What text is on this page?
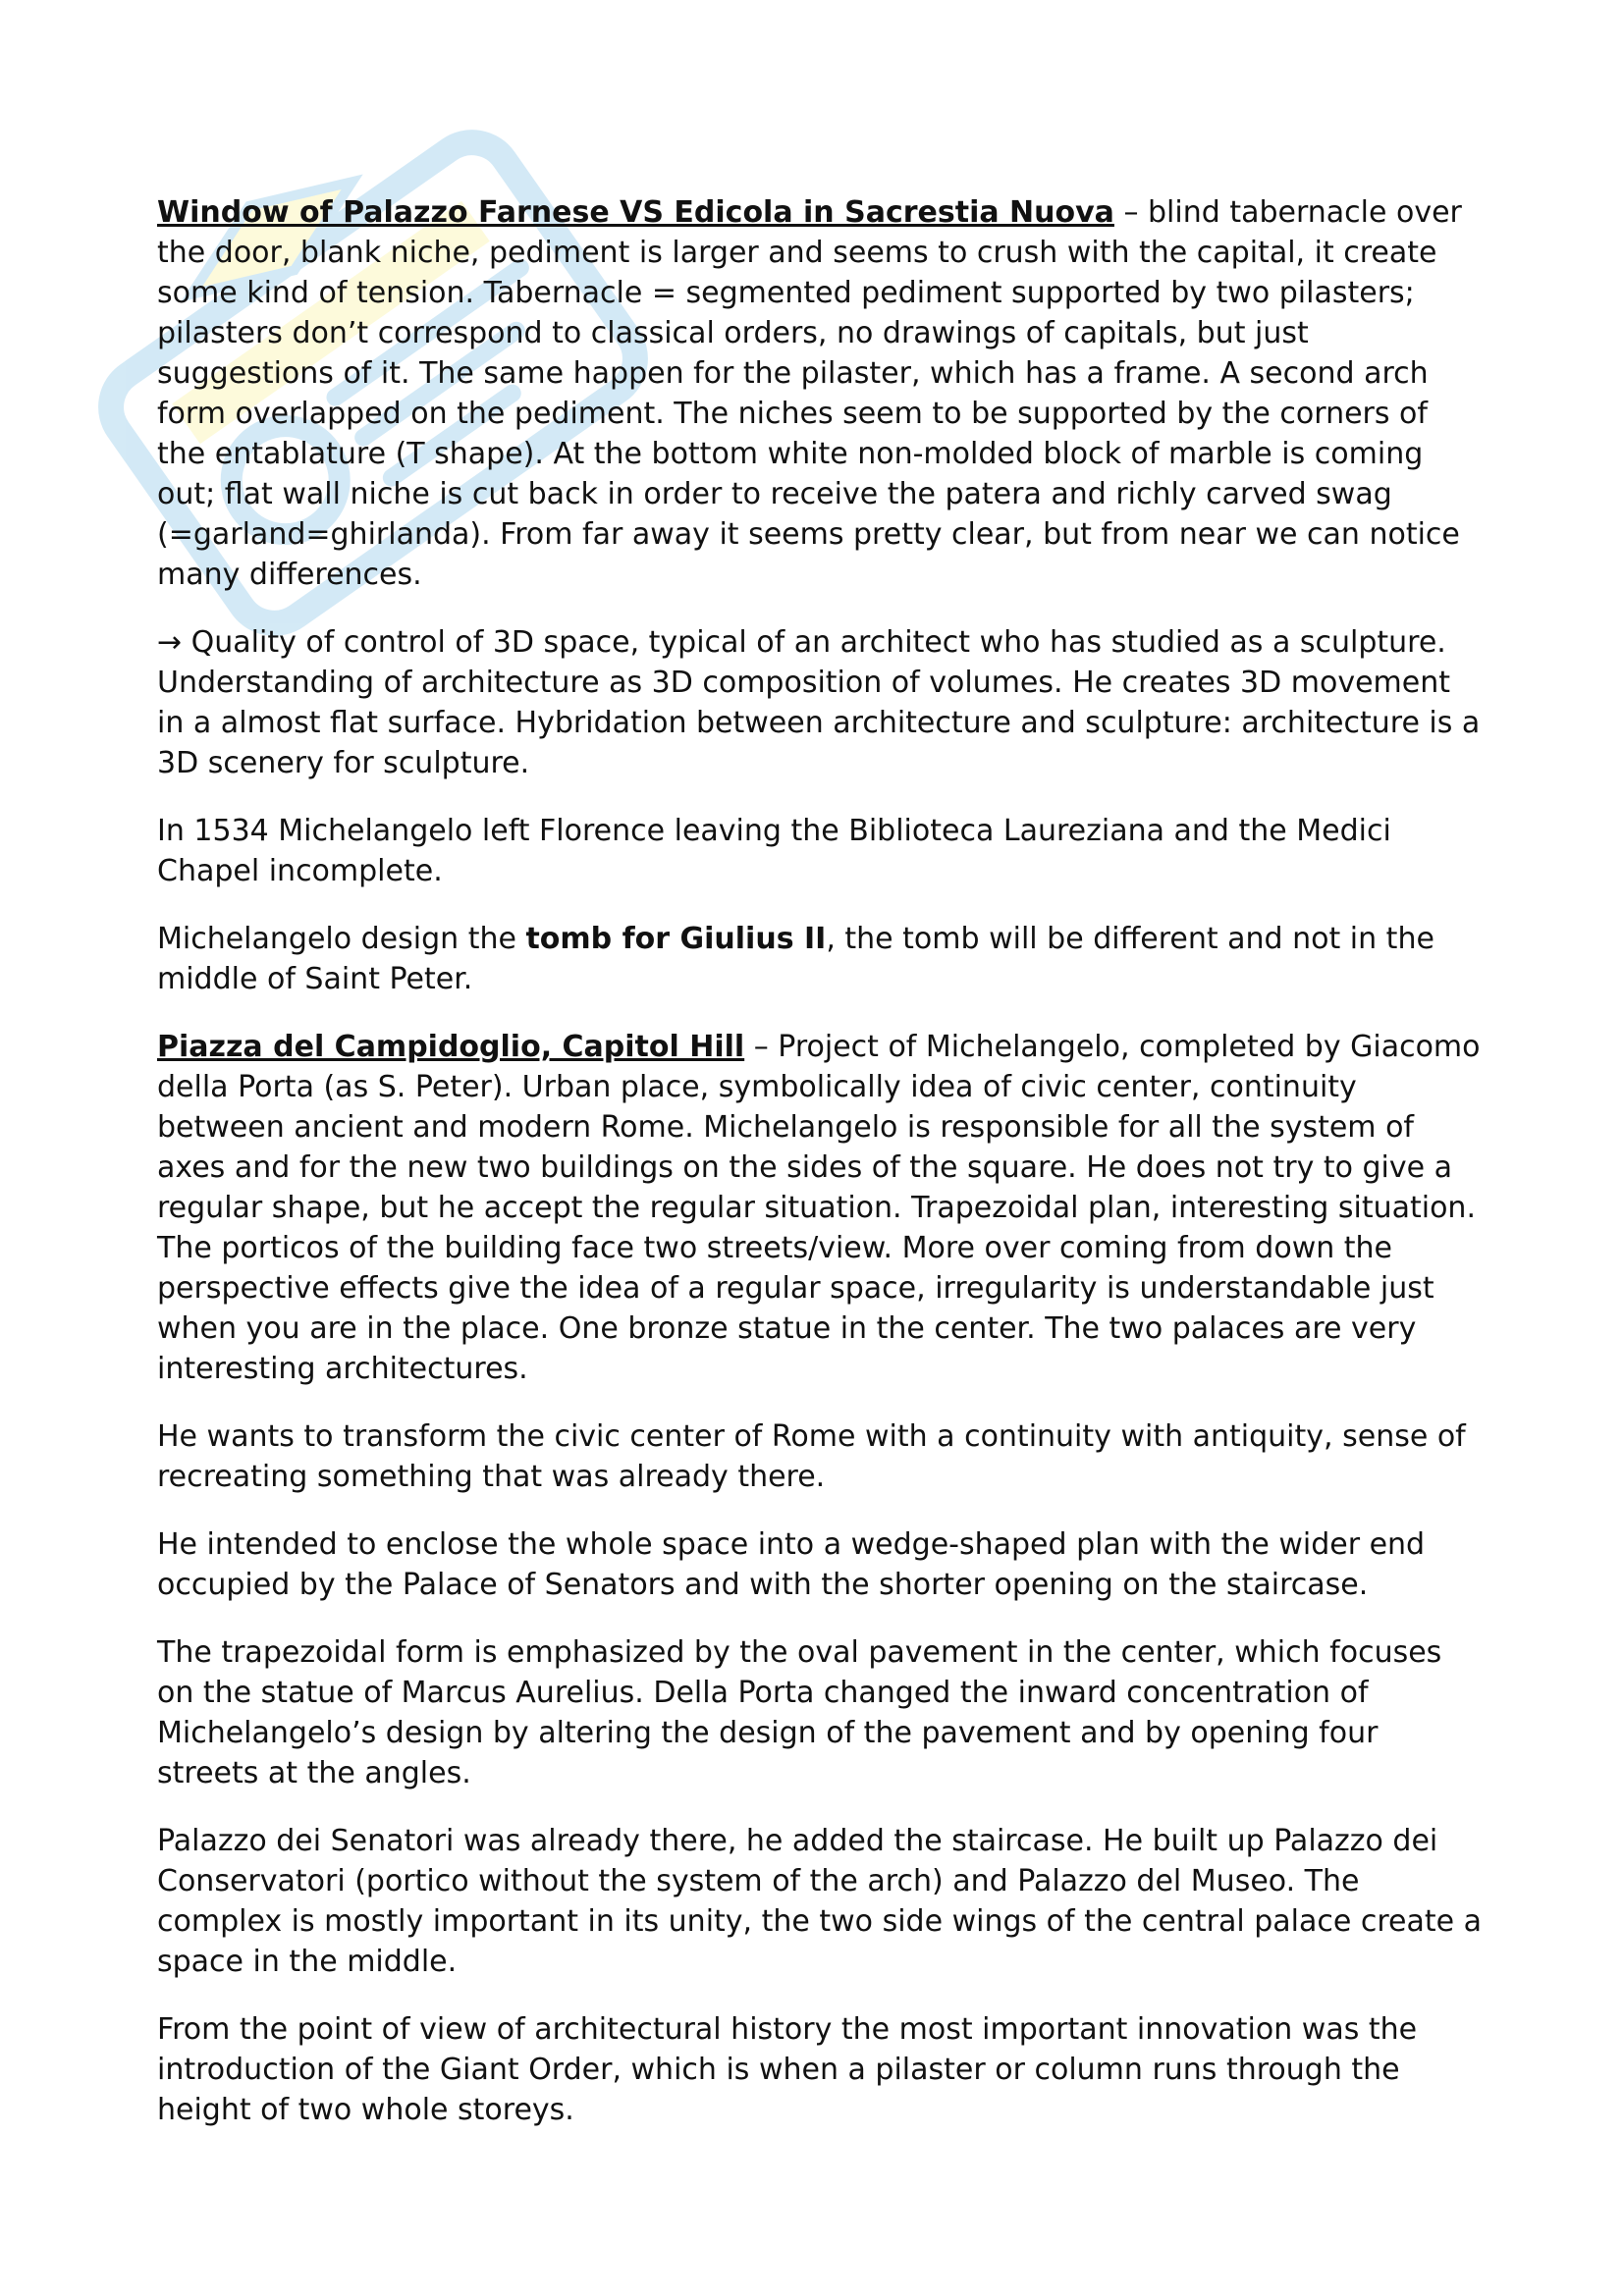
Window of Palazzo Farnese VS Edicola in Sacrestia Nuova – blind tabernacle over the door, blank niche, pediment is larger and seems to crush with the capital, it create some kind of tension. Tabernacle = segmented pediment supported by two pilasters; pilasters don’t correspond to classical orders, no drawings of capitals, but just suggestions of it. The same happen for the pilaster, which has a frame. A second arch form overlapped on the pediment. The niches seem to be supported by the corners of the entablature (T shape). At the bottom white non-molded block of marble is coming out; flat wall niche is cut back in order to receive the patera and richly carved swag (=garland=ghirlanda). From far away it seems pretty clear, but from near we can notice many differences.

→ Quality of control of 3D space, typical of an architect who has studied as a sculpture. Understanding of architecture as 3D composition of volumes. He creates 3D movement in a almost flat surface. Hybridation between architecture and sculpture: architecture is a 3D scenery for sculpture.

In 1534 Michelangelo left Florence leaving the Biblioteca Laureziana and the Medici Chapel incomplete.

Michelangelo design the tomb for Giulius II, the tomb will be different and not in the middle of Saint Peter.

Piazza del Campidoglio, Capitol Hill – Project of Michelangelo, completed by Giacomo della Porta (as S. Peter). Urban place, symbolically idea of civic center, continuity between ancient and modern Rome. Michelangelo is responsible for all the system of axes and for the new two buildings on the sides of the square. He does not try to give a regular shape, but he accept the regular situation. Trapezoidal plan, interesting situation. The porticos of the building face two streets/view. More over coming from down the perspective effects give the idea of a regular space, irregularity is understandable just when you are in the place. One bronze statue in the center. The two palaces are very interesting architectures.

He wants to transform the civic center of Rome with a continuity with antiquity, sense of recreating something that was already there.

He intended to enclose the whole space into a wedge-shaped plan with the wider end occupied by the Palace of Senators and with the shorter opening on the staircase.

The trapezoidal form is emphasized by the oval pavement in the center, which focuses on the statue of Marcus Aurelius. Della Porta changed the inward concentration of Michelangelo’s design by altering the design of the pavement and by opening four streets at the angles.

Palazzo dei Senatori was already there, he added the staircase. He built up Palazzo dei Conservatori (portico without the system of the arch) and Palazzo del Museo. The complex is mostly important in its unity, the two side wings of the central palace create a space in the middle.

From the point of view of architectural history the most important innovation was the introduction of the Giant Order, which is when a pilaster or column runs through the height of two whole storeys.
